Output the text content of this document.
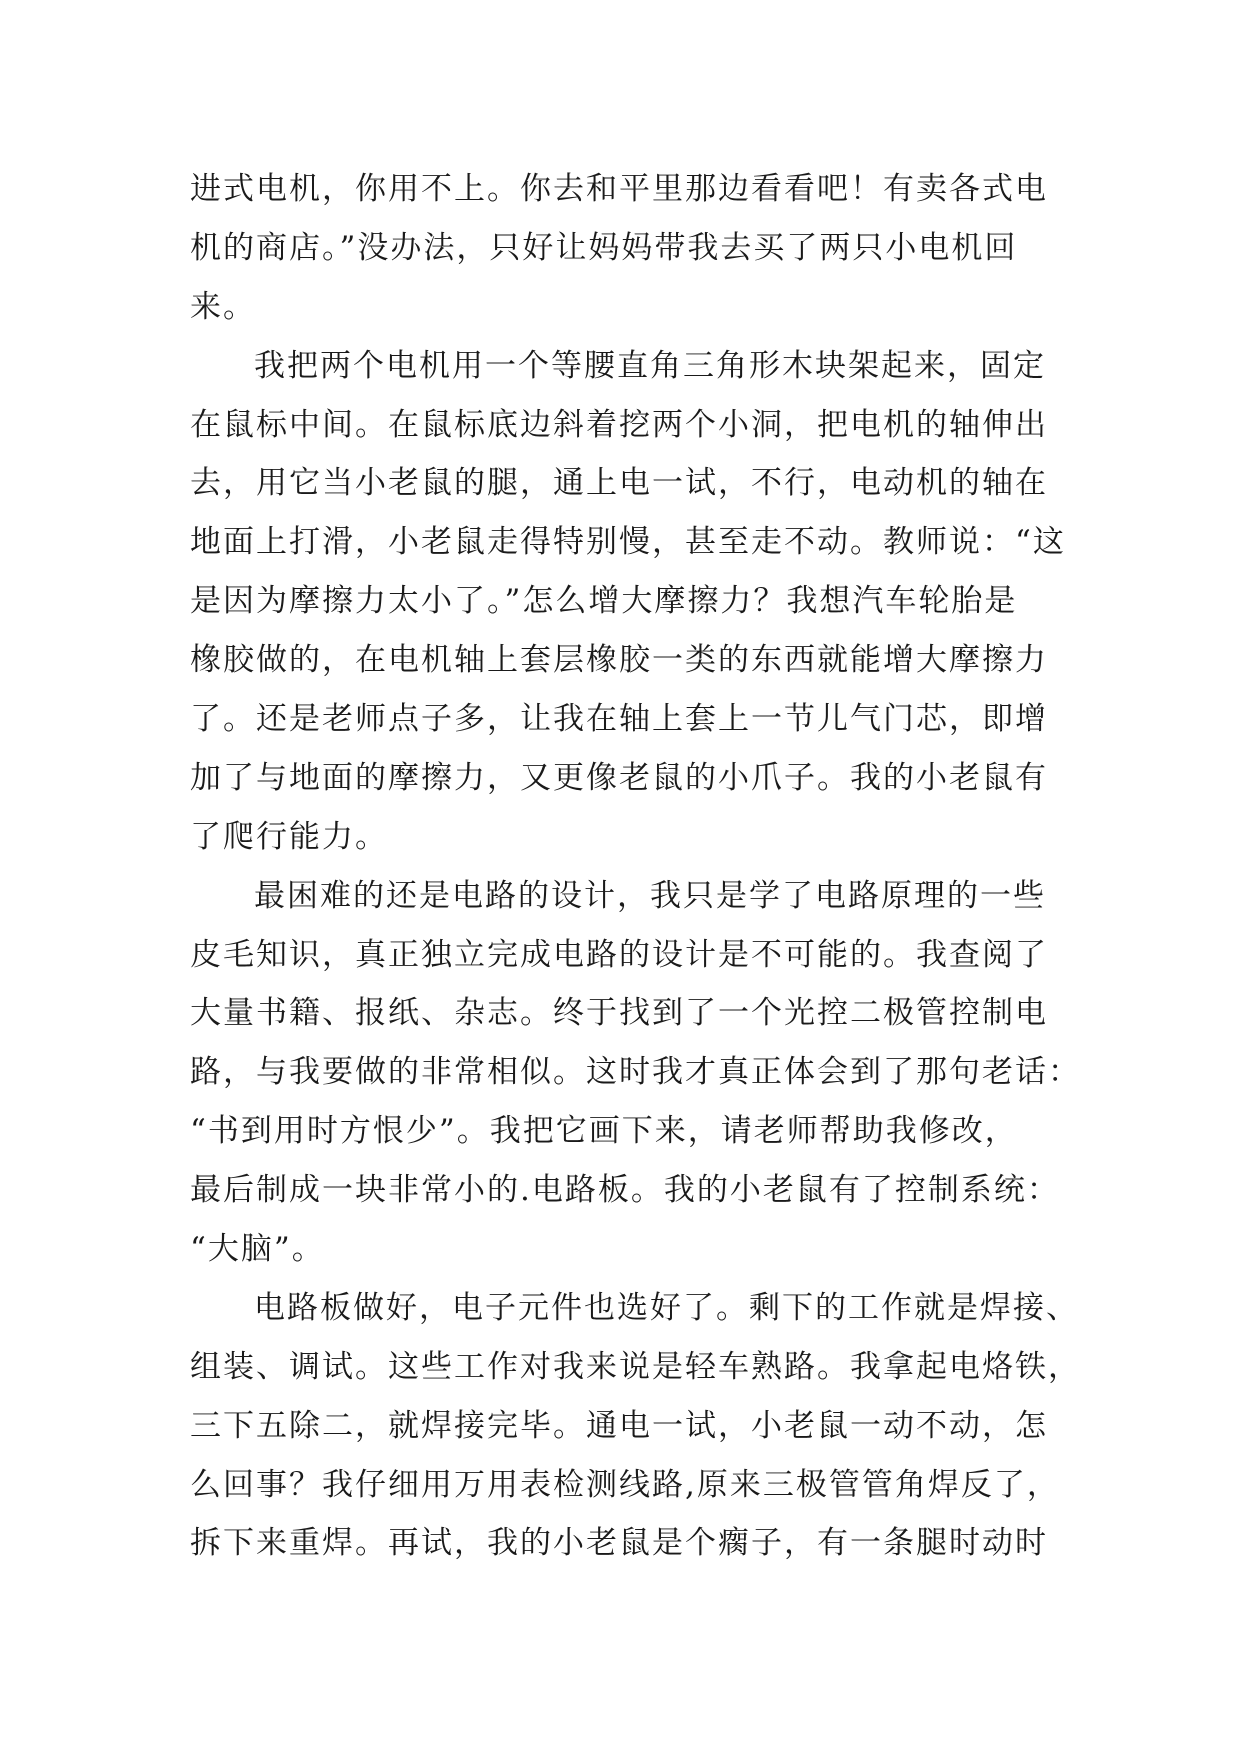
进式电机，你用不上。你去和平里那边看看吧！有卖各式电
机的商店。”没办法，只好让妈妈带我去买了两只小电机回
来。
我把两个电机用一个等腰直角三角形木块架起来，固定
在鼠标中间。在鼠标底边斜着挖两个小洞，把电机的轴伸出
去，用它当小老鼠的腿，通上电一试，不行，电动机的轴在
地面上打滑，小老鼠走得特别慢，甚至走不动。教师说：“这
是因为摩擦力太小了。”怎么增大摩擦力？我想汽车轮胎是
橡胶做的，在电机轴上套层橡胶一类的东西就能增大摩擦力
了。还是老师点子多，让我在轴上套上一节儿气门芯，即增
加了与地面的摩擦力，又更像老鼠的小爪子。我的小老鼠有
了爬行能力。
最困难的还是电路的设计，我只是学了电路原理的一些
皮毛知识，真正独立完成电路的设计是不可能的。我查阅了
大量书籍、报纸、杂志。终于找到了一个光控二极管控制电
路，与我要做的非常相似。这时我才真正体会到了那句老话：
“书到用时方恨少”。我把它画下来，请老师帮助我修改，
最后制成一块非常小的.电路板。我的小老鼠有了控制系统：
“大脑”。
电路板做好，电子元件也选好了。剩下的工作就是焊接、
组装、调试。这些工作对我来说是轻车熟路。我拿起电烙铁，
三下五除二，就焊接完毕。通电一试，小老鼠一动不动，怎
么回事？我仔细用万用表检测线路,原来三极管管角焊反了，
拆下来重焊。再试，我的小老鼠是个瘸子，有一条腿时动时
